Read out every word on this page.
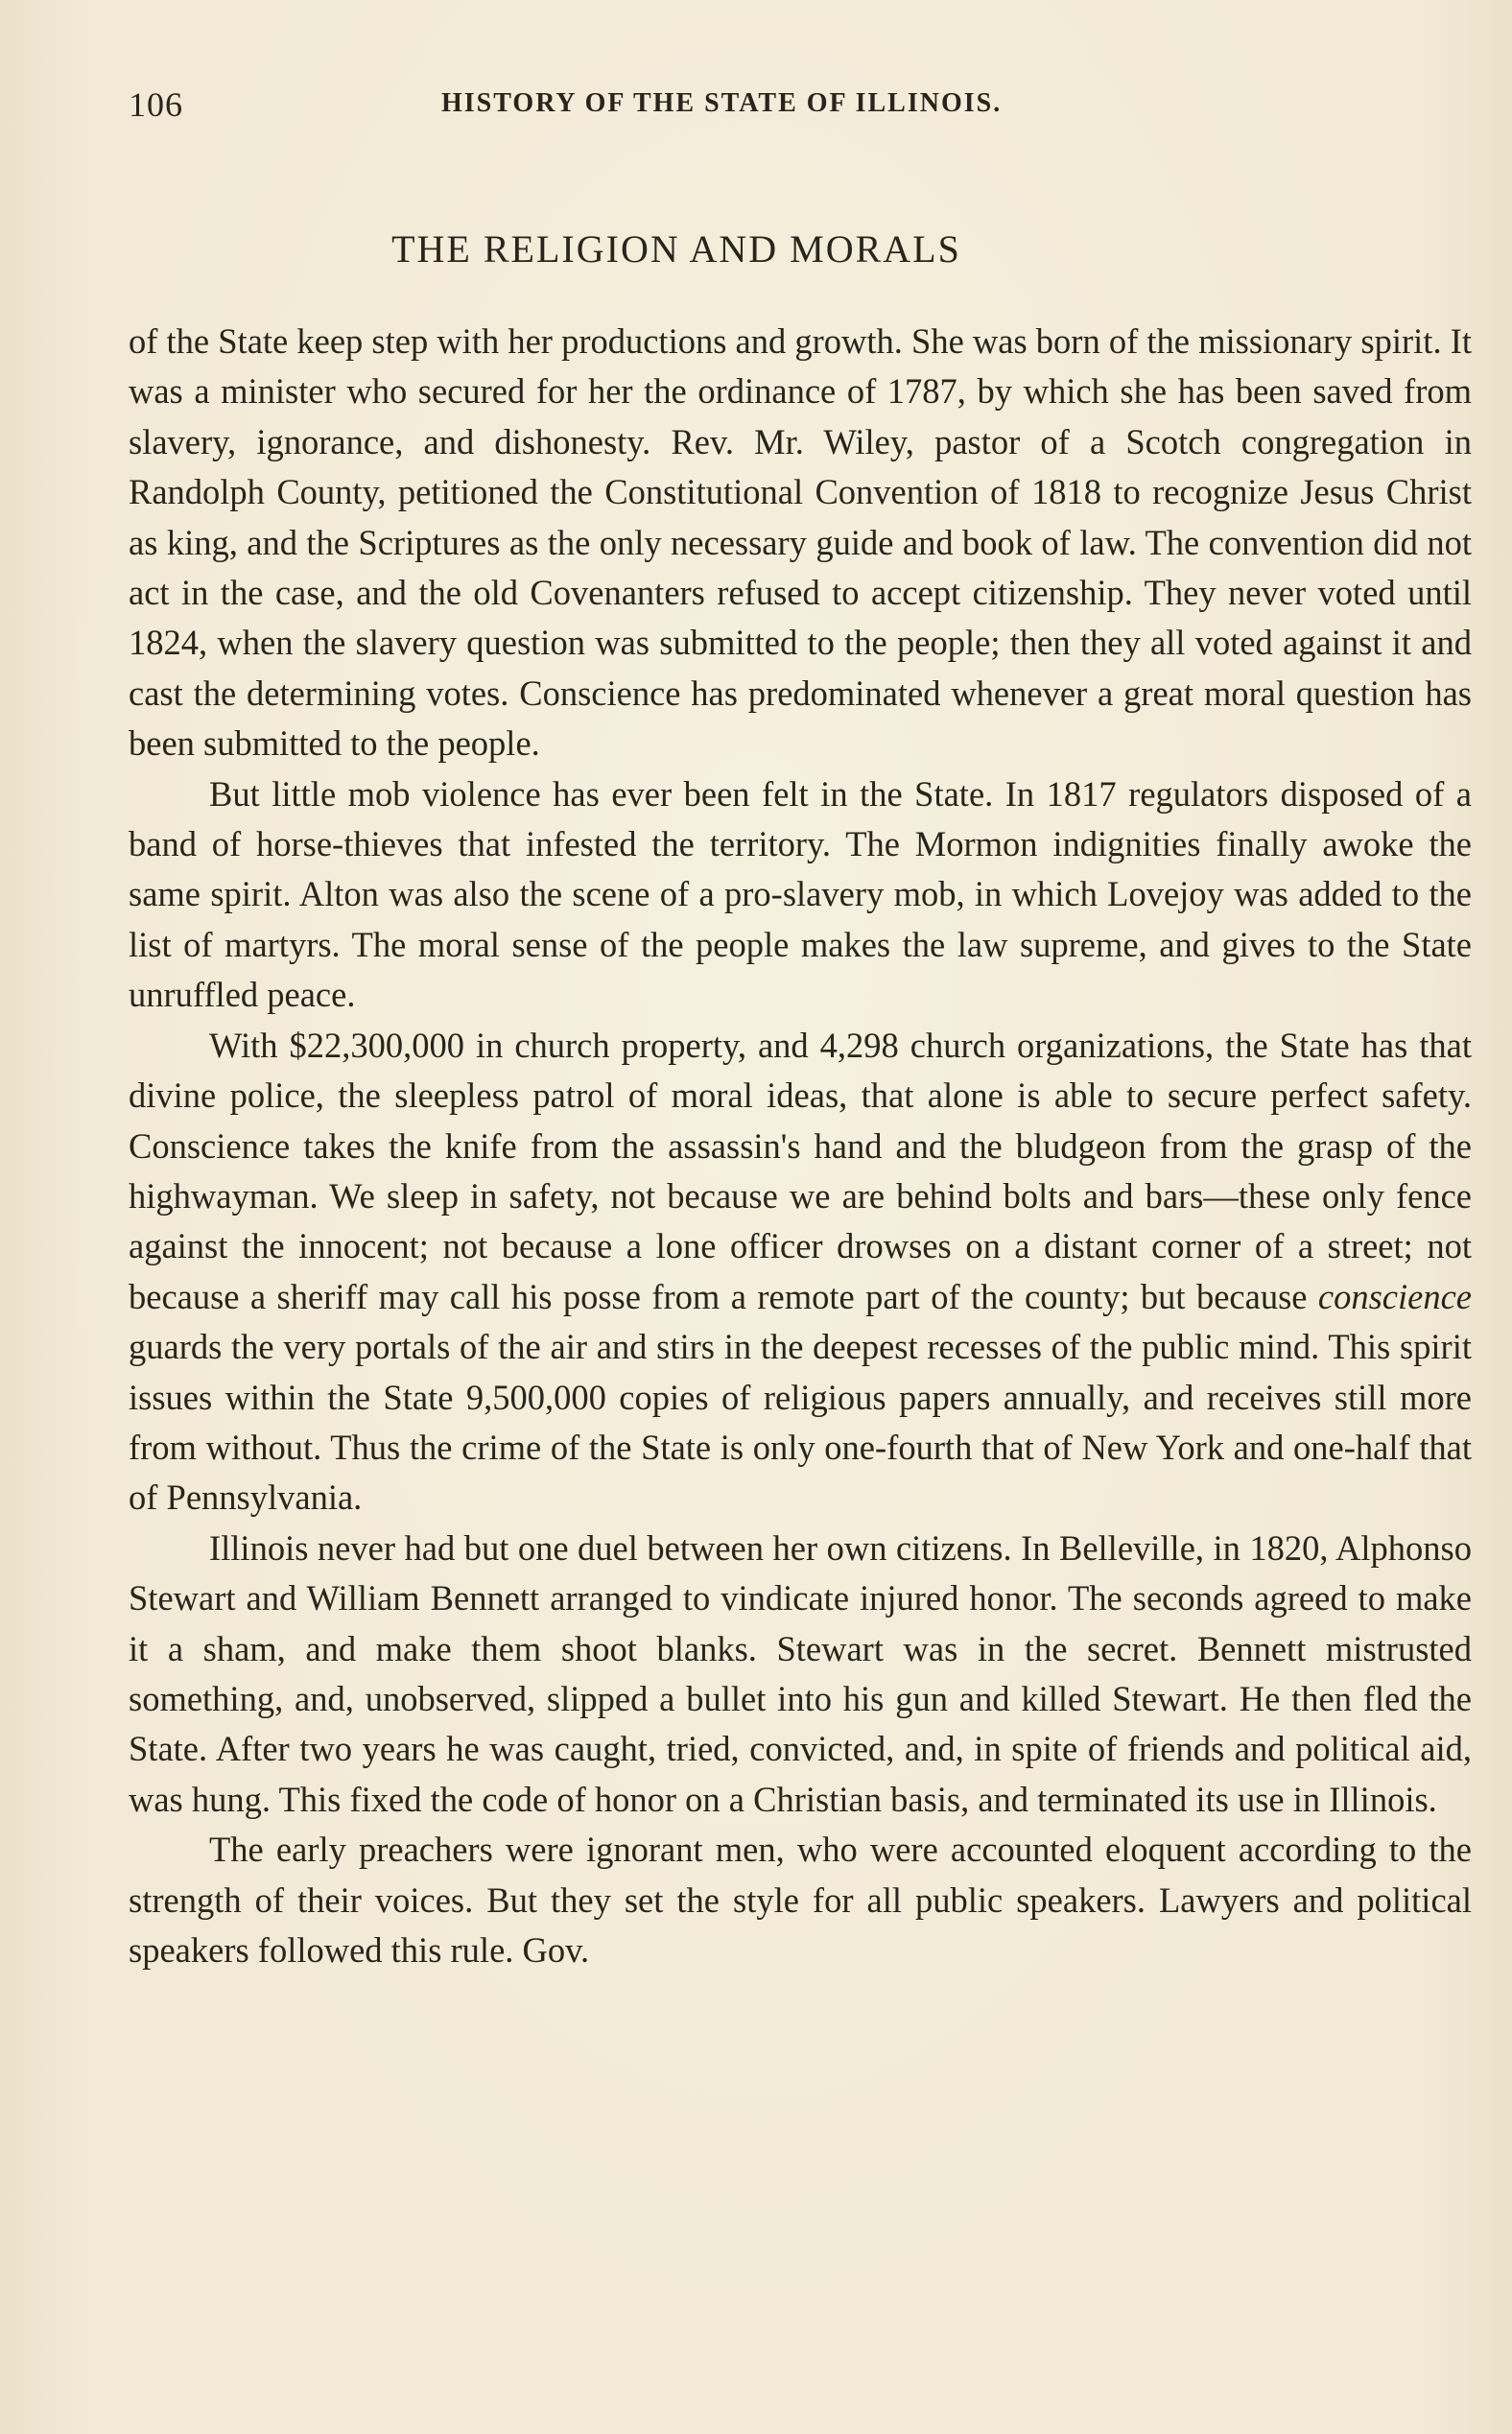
106	HISTORY OF THE STATE OF ILLINOIS.
THE RELIGION AND MORALS

of the State keep step with her productions and growth. She was born of the missionary spirit. It was a minister who secured for her the ordinance of 1787, by which she has been saved from slavery, ignorance, and dishonesty. Rev. Mr. Wiley, pastor of a Scotch congregation in Randolph County, petitioned the Constitutional Convention of 1818 to recognize Jesus Christ as king, and the Scriptures as the only necessary guide and book of law. The convention did not act in the case, and the old Covenanters refused to accept citizenship. They never voted until 1824, when the slavery question was submitted to the people; then they all voted against it and cast the determining votes. Conscience has predominated whenever a great moral question has been submitted to the people.

But little mob violence has ever been felt in the State. In 1817 regulators disposed of a band of horse-thieves that infested the territory. The Mormon indignities finally awoke the same spirit. Alton was also the scene of a pro-slavery mob, in which Lovejoy was added to the list of martyrs. The moral sense of the people makes the law supreme, and gives to the State unruffled peace.

With $22,300,000 in church property, and 4,298 church organizations, the State has that divine police, the sleepless patrol of moral ideas, that alone is able to secure perfect safety. Conscience takes the knife from the assassin's hand and the bludgeon from the grasp of the highwayman. We sleep in safety, not because we are behind bolts and bars—these only fence against the innocent; not because a lone officer drowses on a distant corner of a street; not because a sheriff may call his posse from a remote part of the county; but because conscience guards the very portals of the air and stirs in the deepest recesses of the public mind. This spirit issues within the State 9,500,000 copies of religious papers annually, and receives still more from without. Thus the crime of the State is only one-fourth that of New York and one-half that of Pennsylvania.

Illinois never had but one duel between her own citizens. In Belleville, in 1820, Alphonso Stewart and William Bennett arranged to vindicate injured honor. The seconds agreed to make it a sham, and make them shoot blanks. Stewart was in the secret. Bennett mistrusted something, and, unobserved, slipped a bullet into his gun and killed Stewart. He then fled the State. After two years he was caught, tried, convicted, and, in spite of friends and political aid, was hung. This fixed the code of honor on a Christian basis, and terminated its use in Illinois.

The early preachers were ignorant men, who were accounted eloquent according to the strength of their voices. But they set the style for all public speakers. Lawyers and political speakers followed this rule. Gov.
